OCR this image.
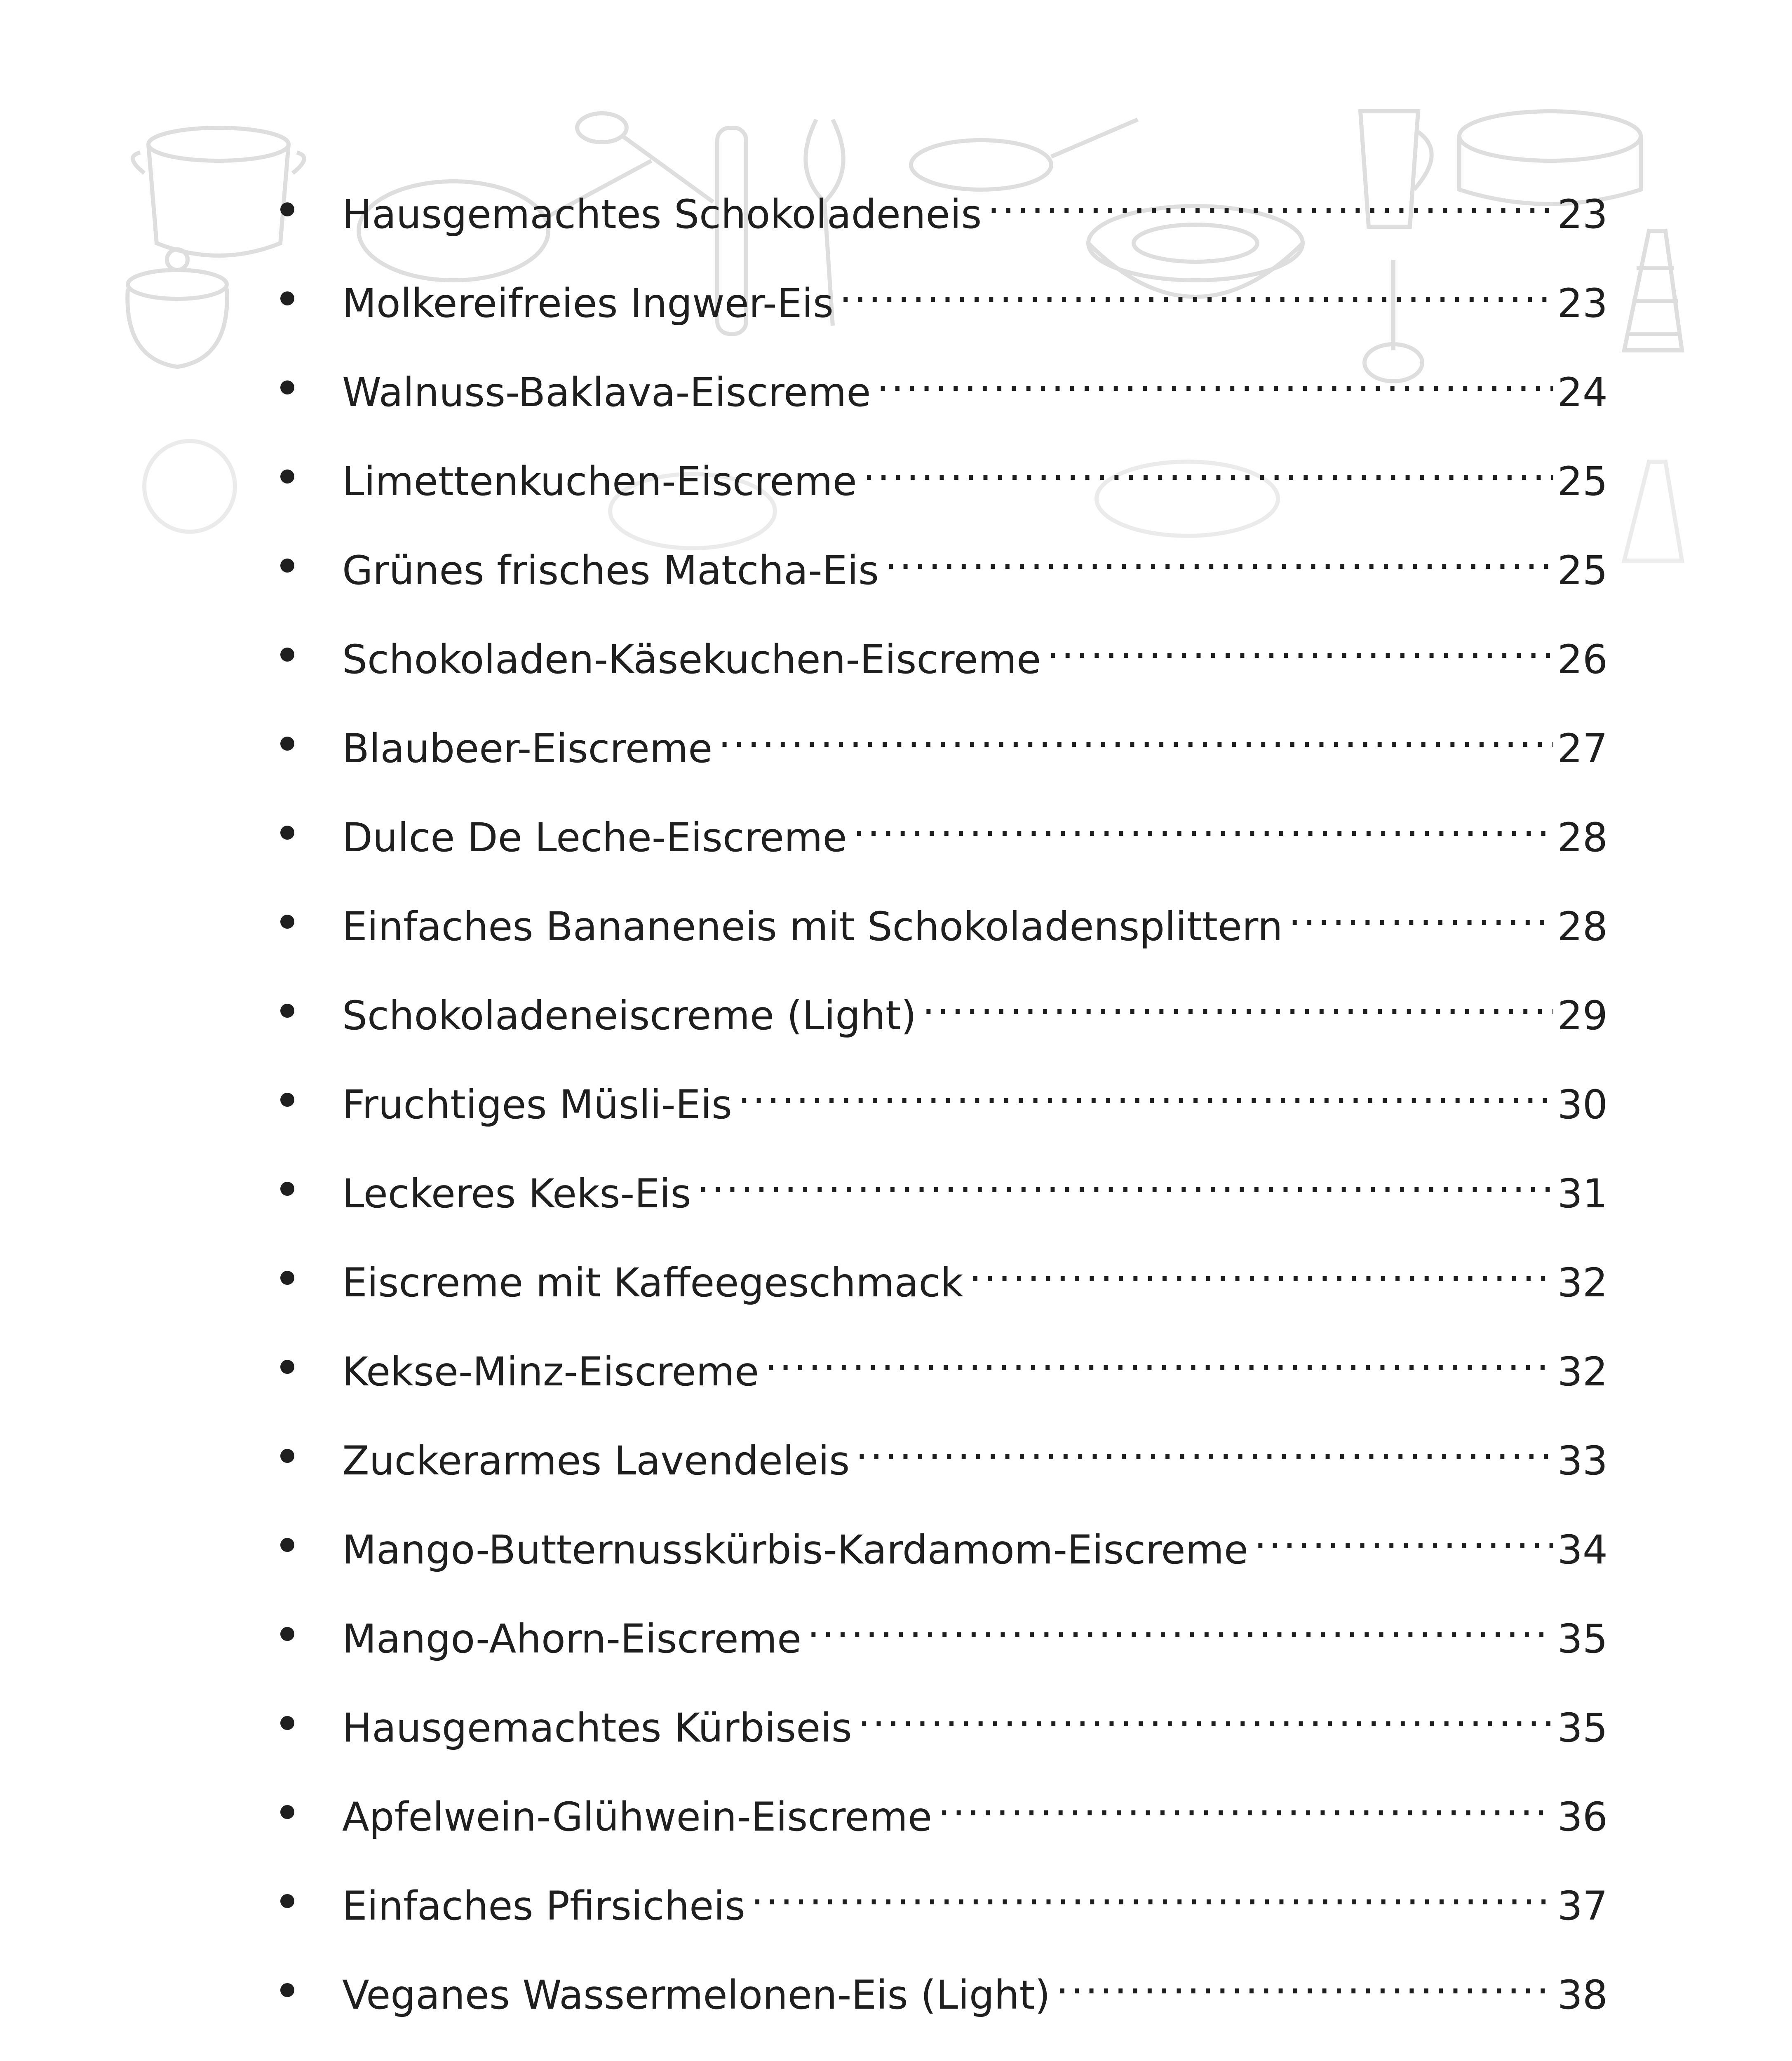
Hausgemachtes Schokoladeneis .....	23
Molkereifreies Ingwer-Eis .....	23
Walnuss-Baklava-Eiscreme .....	24
Limettenkuchen-Eiscreme .....	25
Grünes frisches Matcha-Eis .....	25
Schokoladen-Käsekuchen-Eiscreme .....	26
Blaubeer-Eiscreme .....	27
Dulce De Leche-Eiscreme .....	28
Einfaches Bananeneis mit Schokoladensplittern .....	28
Schokoladeneiscreme (Light) .....	29
Fruchtiges Müsli-Eis .....	30
Leckeres Keks-Eis .....	31
Eiscreme mit Kaffeegeschmack .....	32
Kekse-Minz-Eiscreme .....	32
Zuckerarmes Lavendeleis .....	33
Mango-Butternusskürbis-Kardamom-Eiscreme .....	34
Mango-Ahorn-Eiscreme .....	35
Hausgemachtes Kürbiseis .....	35
Apfelwein-Glühwein-Eiscreme .....	36
Einfaches Pfirsicheis .....	37
Veganes Wassermelonen-Eis (Light) .....	38
.....
